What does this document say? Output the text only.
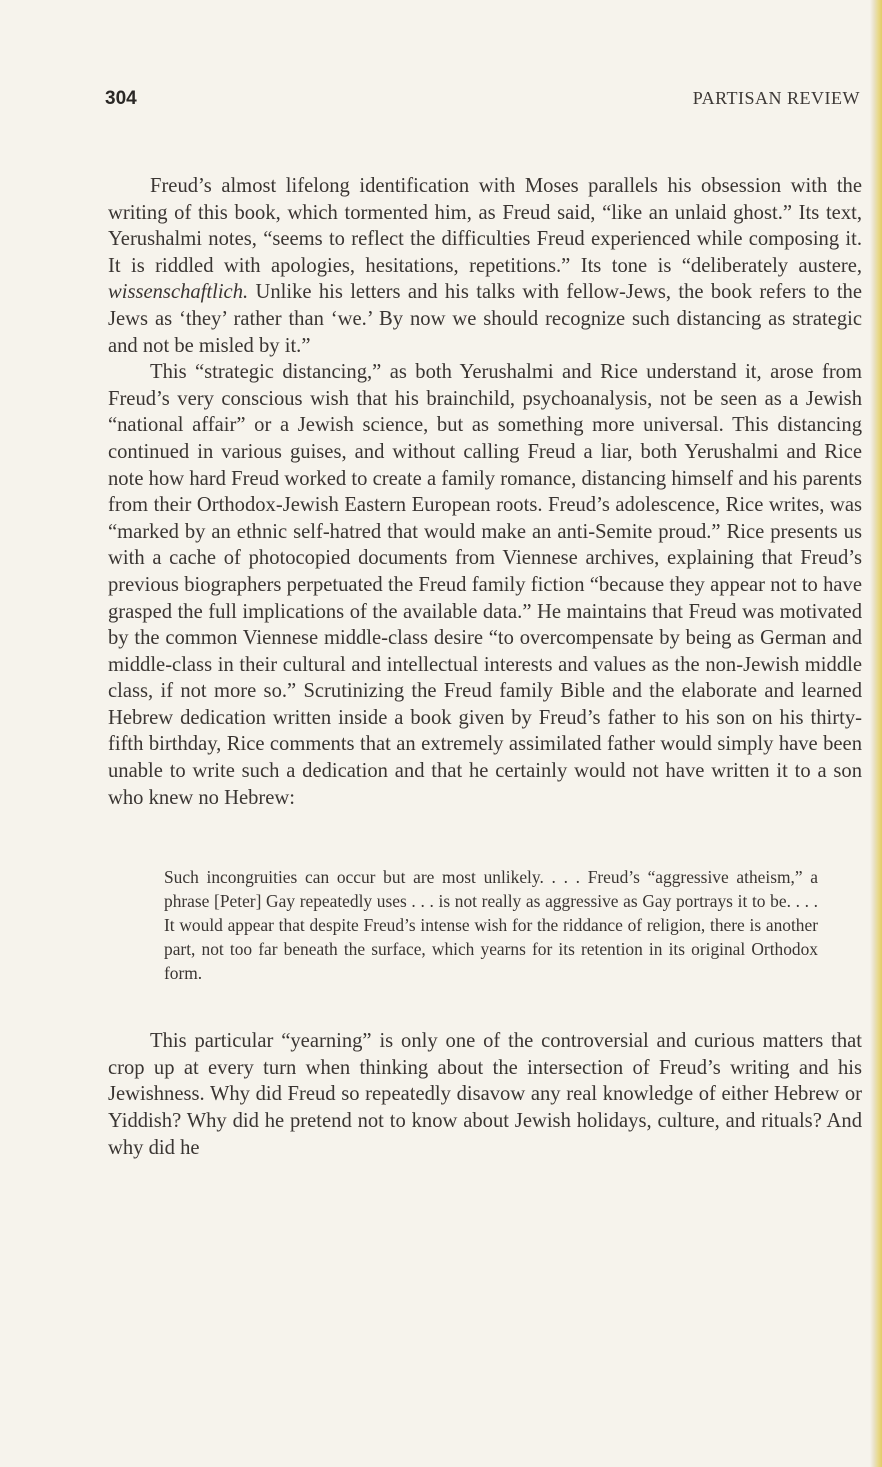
304	PARTISAN REVIEW

Freud’s almost lifelong identification with Moses parallels his obsession with the writing of this book, which tormented him, as Freud said, “like an unlaid ghost.” Its text, Yerushalmi notes, “seems to reflect the difficulties Freud experienced while composing it. It is riddled with apologies, hesitations, repetitions.” Its tone is “deliberately austere, wissenschaftlich. Unlike his letters and his talks with fellow-Jews, the book refers to the Jews as ‘they’ rather than ‘we.’ By now we should recognize such distancing as strategic and not be misled by it.”

This “strategic distancing,” as both Yerushalmi and Rice understand it, arose from Freud’s very conscious wish that his brainchild, psychoanalysis, not be seen as a Jewish “national affair” or a Jewish science, but as something more universal. This distancing continued in various guises, and without calling Freud a liar, both Yerushalmi and Rice note how hard Freud worked to create a family romance, distancing himself and his parents from their Orthodox-Jewish Eastern European roots. Freud’s adolescence, Rice writes, was “marked by an ethnic self-hatred that would make an anti-Semite proud.” Rice presents us with a cache of photocopied documents from Viennese archives, explaining that Freud’s previous biographers perpetuated the Freud family fiction “because they appear not to have grasped the full implications of the available data.” He maintains that Freud was motivated by the common Viennese middle-class desire “to overcompensate by being as German and middle-class in their cultural and intellectual interests and values as the non-Jewish middle class, if not more so.” Scrutinizing the Freud family Bible and the elaborate and learned Hebrew dedication written inside a book given by Freud’s father to his son on his thirty-fifth birthday, Rice comments that an extremely assimilated father would simply have been unable to write such a dedication and that he certainly would not have written it to a son who knew no Hebrew:

Such incongruities can occur but are most unlikely. . . . Freud’s “aggressive atheism,” a phrase [Peter] Gay repeatedly uses . . . is not really as aggressive as Gay portrays it to be. . . . It would appear that despite Freud’s intense wish for the riddance of religion, there is another part, not too far beneath the surface, which yearns for its retention in its original Orthodox form.

This particular “yearning” is only one of the controversial and curious matters that crop up at every turn when thinking about the intersection of Freud’s writing and his Jewishness. Why did Freud so repeatedly disavow any real knowledge of either Hebrew or Yiddish? Why did he pretend not to know about Jewish holidays, culture, and rituals? And why did he
